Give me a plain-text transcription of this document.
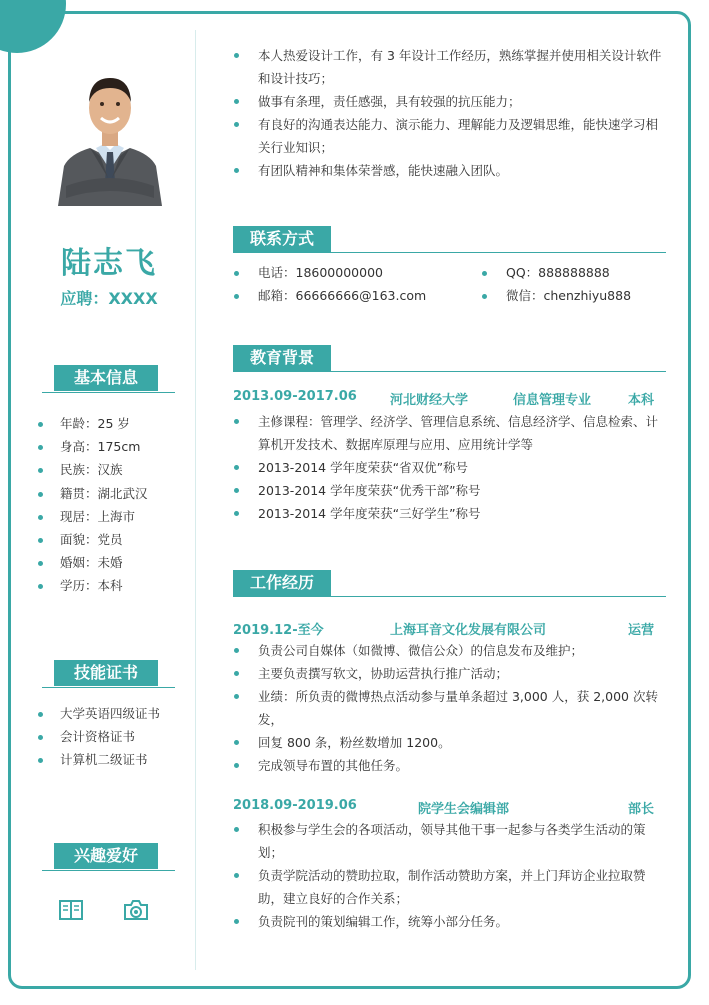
陆志飞
应聘：XXXX
基本信息
年龄：25 岁
身高：175cm
民族：汉族
籍贯：湖北武汉
现居：上海市
面貌：党员
婚姻：未婚
学历：本科
技能证书
大学英语四级证书
会计资格证书
计算机二级证书
兴趣爱好
本人热爱设计工作，有 3 年设计工作经历，熟练掌握并使用相关设计软件和设计技巧；
做事有条理，责任感强，具有较强的抗压能力；
有良好的沟通表达能力、演示能力、理解能力及逻辑思维，能快速学习相关行业知识；
有团队精神和集体荣誉感，能快速融入团队。
联系方式
电话：18600000000	QQ：888888888
邮箱：66666666@163.com	微信：chenzhiyu888
教育背景
2013.09-2017.06	河北财经大学	信息管理专业	本科
主修课程：管理学、经济学、管理信息系统、信息经济学、信息检索、计算机开发技术、数据库原理与应用、应用统计学等
2013-2014 学年度荣获“省双优”称号
2013-2014 学年度荣获“优秀干部”称号
2013-2014 学年度荣获“三好学生”称号
工作经历
2019.12-至今	上海耳音文化发展有限公司	运营
负责公司自媒体（如微博、微信公众）的信息发布及维护；
主要负责撰写软文，协助运营执行推广活动；
业绩：所负责的微博热点活动参与量单条超过 3,000 人，获 2,000 次转发，
回复 800 条，粉丝数增加 1200。
完成领导布置的其他任务。
2018.09-2019.06	院学生会编辑部	部长
积极参与学生会的各项活动，领导其他干事一起参与各类学生活动的策划；
负责学院活动的赞助拉取，制作活动赞助方案，并上门拜访企业拉取赞助，建立良好的合作关系；
负责院刊的策划编辑工作，统筹小部分任务。
